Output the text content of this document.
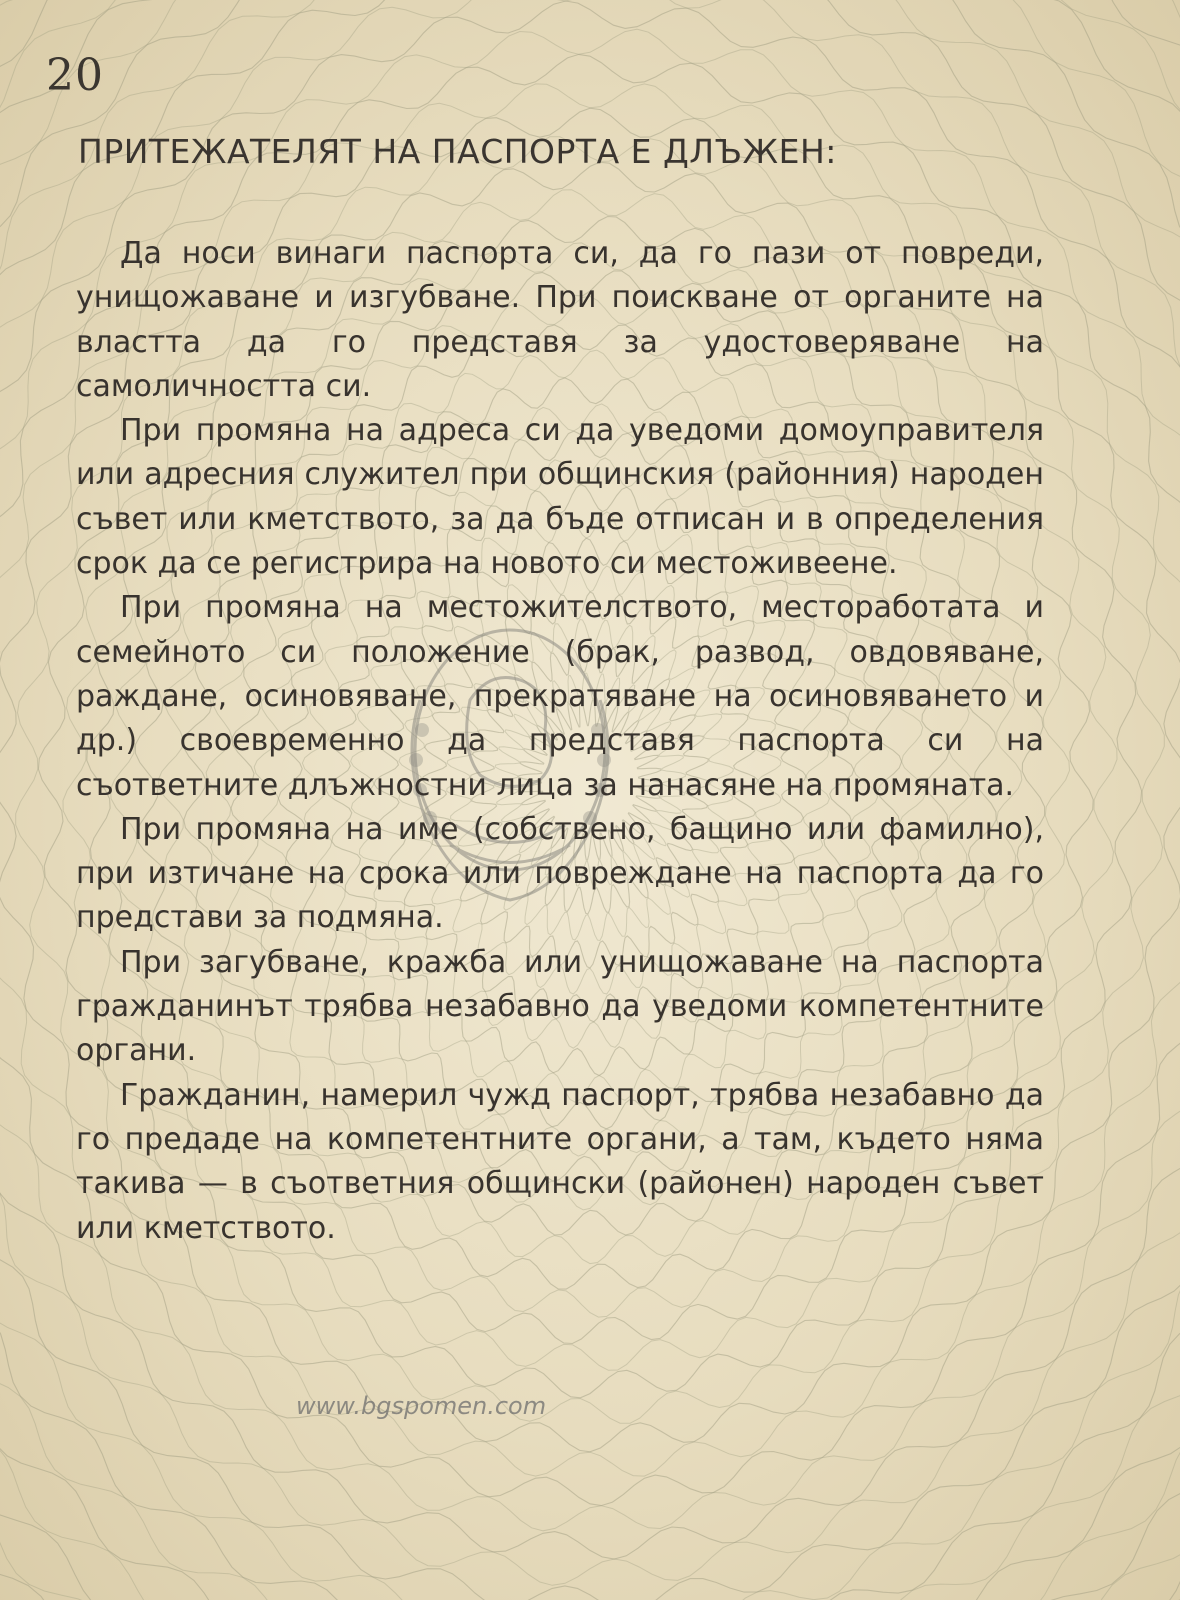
20
ПРИТЕЖАТЕЛЯТ НА ПАСПОРТА Е ДЛЪЖЕН:

Да носи винаги паспорта си, да го пази от повреди, унищожаване и изгубване. При поискване от органите на властта да го представя за удостоверяване на самоличността си.

При промяна на адреса си да уведоми домоуправителя или адресния служител при общинския (районния) народен съвет или кметството, за да бъде отписан и в определения срок да се регистрира на новото си местоживеене.

При промяна на местожителството, месторaботата и семейното си положение (брак, развод, овдовяване, раждане, осиновяване, прекратяване на осиновяването и др.) своевременно да представя паспорта си на съответните длъжностни лица за нанасяне на промяната.

При промяна на име (собствено, бащино или фамилно), при изтичане на срока или повреждане на паспорта да го представи за подмяна.

При загубване, кражба или унищожаване на паспорта гражданинът трябва незабавно да уведоми компетентните органи.

Гражданин, намерил чужд паспорт, трябва незабавно да го предаде на компетентните органи, а там, където няма такива — в съответния общински (районен) народен съвет или кметството.

www.bgspomen.com
